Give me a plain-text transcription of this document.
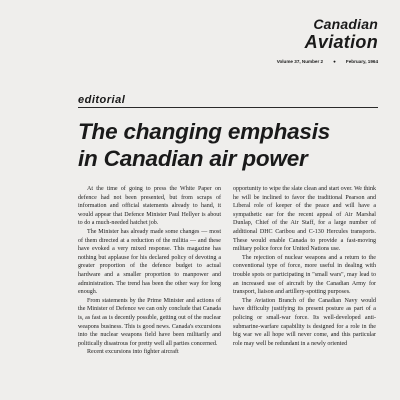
Canadian
Aviation
Volume 37, Number 2 ● February, 1964
editorial
The changing emphasis
in Canadian air power

At the time of going to press the White Paper on defence had not been presented, but from scraps of information and official statements already to hand, it would appear that Defence Minister Paul Hellyer is about to do a much-needed hatchet job.

The Minister has already made some changes — most of them directed at a reduction of the militia — and these have evoked a very mixed response. This magazine has nothing but applause for his declared policy of devoting a greater proportion of the defence budget to actual hardware and a smaller proportion to manpower and administration. The trend has been the other way for long enough.

From statements by the Prime Minister and actions of the Minister of Defence we can only conclude that Canada is, as fast as is decently possible, getting out of the nuclear weapons business. This is good news. Canada's excursions into the nuclear weapons field have been militarily and politically disastrous for pretty well all parties concerned.

Recent excursions into fighter aircraft

opportunity to wipe the slate clean and start over. We think he will be inclined to favor the traditional Pearson and Liberal role of keeper of the peace and will have a sympathetic ear for the recent appeal of Air Marshal Dunlap, Chief of the Air Staff, for a large number of additional DHC Caribou and C-130 Hercules transports. These would enable Canada to provide a fast-moving military police force for United Nations use.

The rejection of nuclear weapons and a return to the conventional type of force, more useful in dealing with trouble spots or participating in "small wars", may lead to an increased use of aircraft by the Canadian Army for transport, liaison and artillery-spotting purposes.

The Aviation Branch of the Canadian Navy would have difficulty justifying its present posture as part of a policing or small-war force. Its well-developed anti-submarine-warfare capability is designed for a role in the big war we all hope will never come, and this particular role may well be redundant in a newly oriented
